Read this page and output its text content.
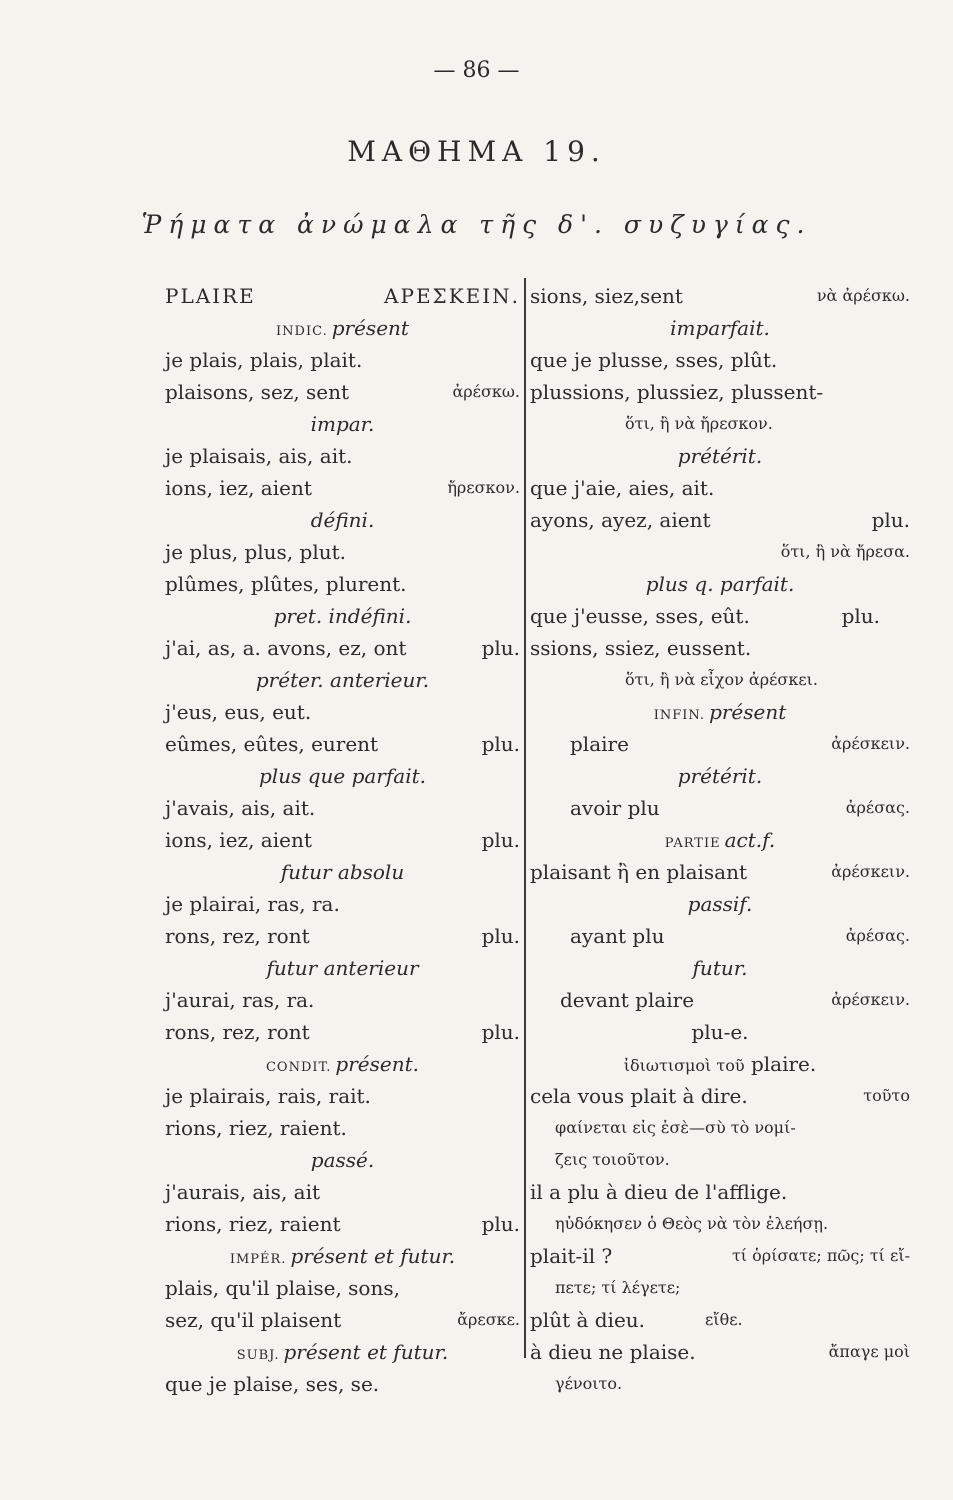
— 86 —
ΜΑΘΗΜΑ 19.
Ῥήματα ἀνώμαλα τῆς δ'. συζυγίας.
PLAIRE	ΑΡΕΣΚΕΙΝ.
INDIC. présent
je plais, plais, plait.
plaisons, sez, sent	ἀρέσκω.
impar.
je plaisais, ais, ait.
ions, iez, aient	ἤρεσκον.
défini.
je plus, plus, plut.
plûmes, plûtes, plurent.
pret. indéfini.
j'ai, as, a. avons, ez, ont	plu.
préter. anterieur.
j'eus, eus, eut.
eûmes, eûtes, eurent	plu.
plus que parfait.
j'avais, ais, ait.
ions, iez, aient	plu.
futur absolu
je plairai, ras, ra.
rons, rez, ront	plu.
futur anterieur
j'aurai, ras, ra.
rons, rez, ront	plu.
CONDIT. présent.
je plairais, rais, rait.
rions, riez, raient.
passé.
j'aurais, ais, ait
rions, riez, raient	plu.
IMPÉR. présent et futur.
plais, qu'il plaise, sons,
sez, qu'il plaisent	ἄρεσκε.
SUBJ. présent et futur.
que je plaise, ses, se.
sions, siez,sent	νὰ ἀρέσκω.
imparfait.
que je plusse, sses, plût.
plussions, plussiez, plussent-
ὅτι, ἢ νὰ ἤρεσκον.
prétérit.
que j'aie, aies, ait.
ayons, ayez, aient	plu.
ὅτι, ἢ νὰ ἤρεσα.
plus q. parfait.
que j'eusse, sses, eût.	plu.
ssions, ssiez, eussent.
ὅτι, ἢ νὰ εἶχον ἀρέσκει.
INFIN. présent
plaire	ἀρέσκειν.
prétérit.
avoir plu	ἀρέσας.
PARTIE act.f.
plaisant ἢ en plaisant	ἀρέσκειν.
passif.
ayant plu	ἀρέσας.
futur.
devant plaire	ἀρέσκειν.
plu-e.
ἰδιωτισμοὶ τοῦ plaire.
cela vous plait à dire.	τοῦτο
φαίνεται εἰς ἐσὲ—σὺ τὸ νομί-
ζεις τοιοῦτον.
il a plu à dieu de l'afflige.
ηὐδόκησεν ὁ Θεὸς νὰ τὸν ἐλεήσῃ.
plait-il ?	τί ὁρίσατε; πῶς; τί εἴ-
πετε; τί λέγετε;
plût à dieu.	εἴθε.
à dieu ne plaise.	ἄπαγε μοὶ
γένοιτο.
